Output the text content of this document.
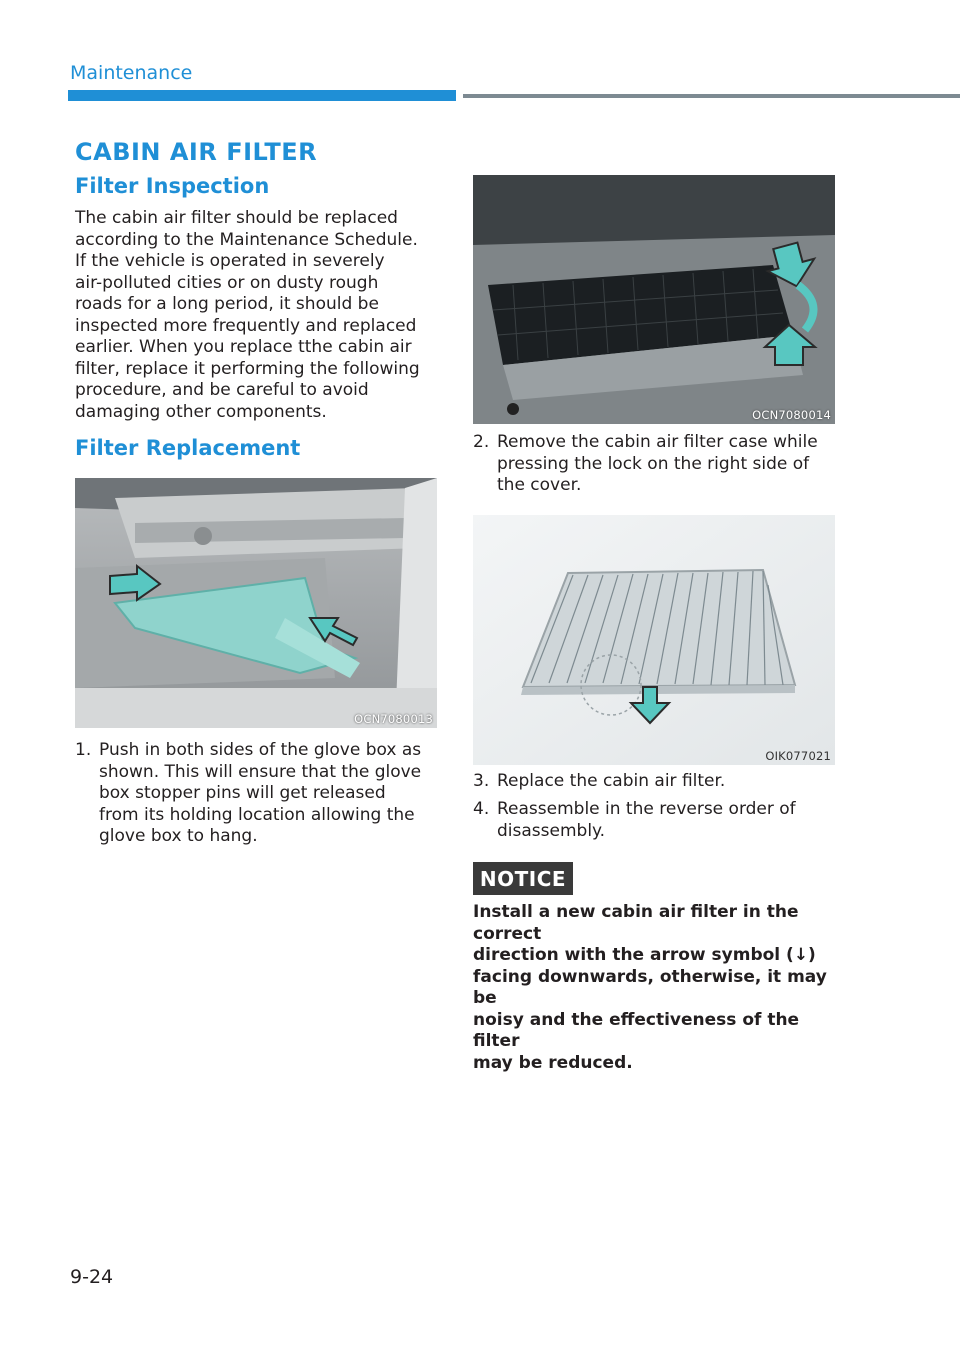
Maintenance
CABIN AIR FILTER
Filter Inspection
The cabin air filter should be replaced
according to the Maintenance Schedule.
If the vehicle is operated in severely
air-polluted cities or on dusty rough
roads for a long period, it should be
inspected more frequently and replaced
earlier. When you replace tthe cabin air
filter, replace it performing the following
procedure, and be careful to avoid
damaging other components.
Filter Replacement
OCN7080013
1. Push in both sides of the glove box as
shown. This will ensure that the glove
box stopper pins will get released
from its holding location allowing the
glove box to hang.
OCN7080014
2. Remove the cabin air filter case while
pressing the lock on the right side of
the cover.
OIK077021
3. Replace the cabin air filter.
4. Reassemble in the reverse order of
disassembly.
NOTICE
Install a new cabin air filter in the correct
direction with the arrow symbol (↓)
facing downwards, otherwise, it may be
noisy and the effectiveness of the filter
may be reduced.
9-24
